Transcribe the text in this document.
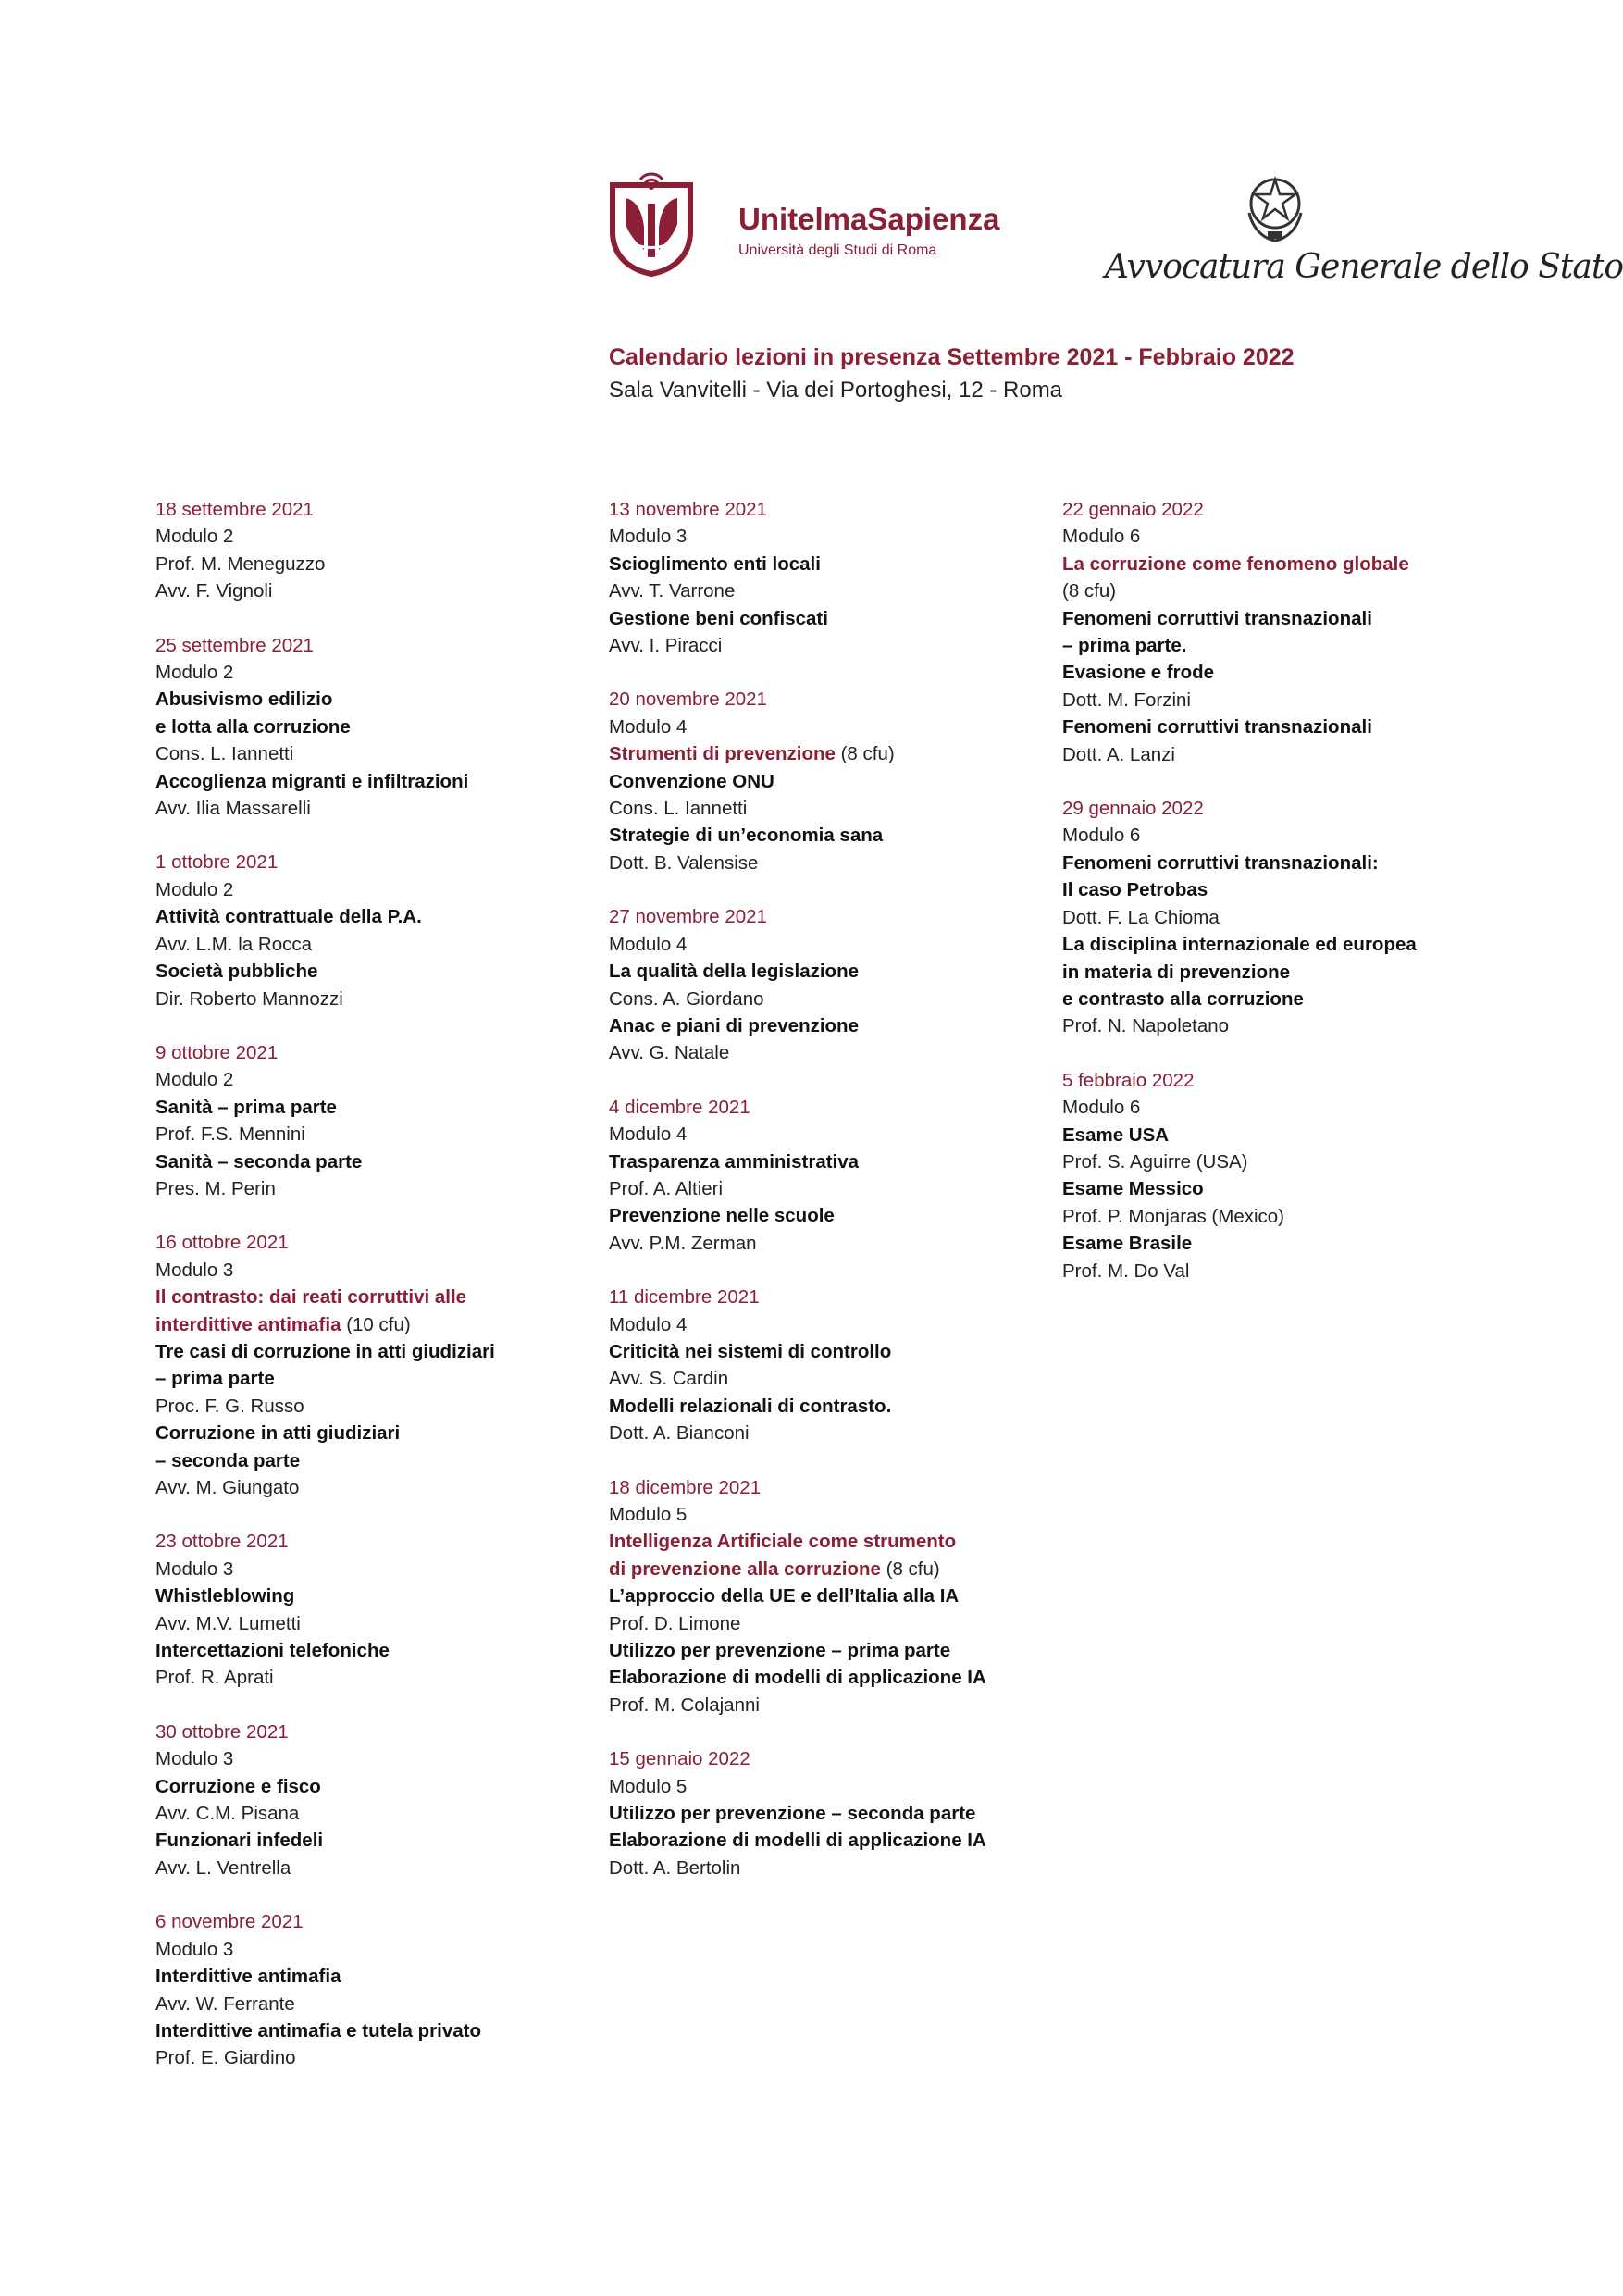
UnitelmaSapienza
Università degli Studi di Roma	Avvocatura Generale dello Stato
Calendario lezioni in presenza Settembre 2021 - Febbraio 2022
Sala Vanvitelli - Via dei Portoghesi, 12 - Roma
18 settembre 2021
Modulo 2
Prof. M. Meneguzzo
Avv. F. Vignoli
25 settembre 2021
Modulo 2
Abusivismo edilizio
e lotta alla corruzione
Cons. L. Iannetti
Accoglienza migranti e infiltrazioni
Avv. Ilia Massarelli
1 ottobre 2021
Modulo 2
Attività contrattuale della P.A.
Avv. L.M. la Rocca
Società pubbliche
Dir. Roberto Mannozzi
9 ottobre 2021
Modulo 2
Sanità – prima parte
Prof. F.S. Mennini
Sanità – seconda parte
Pres. M. Perin
16 ottobre 2021
Modulo 3
Il contrasto: dai reati corruttivi alle
interdittive antimafia (10 cfu)
Tre casi di corruzione in atti giudiziari
– prima parte
Proc. F. G. Russo
Corruzione in atti giudiziari
– seconda parte
Avv. M. Giungato
23 ottobre 2021
Modulo 3
Whistleblowing
Avv. M.V. Lumetti
Intercettazioni telefoniche
Prof. R. Aprati
30 ottobre 2021
Modulo 3
Corruzione e fisco
Avv. C.M. Pisana
Funzionari infedeli
Avv. L. Ventrella
6 novembre 2021
Modulo 3
Interdittive antimafia
Avv. W. Ferrante
Interdittive antimafia e tutela privato
Prof. E. Giardino
13 novembre 2021
Modulo 3
Scioglimento enti locali
Avv. T. Varrone
Gestione beni confiscati
Avv. I. Piracci
20 novembre 2021
Modulo 4
Strumenti di prevenzione (8 cfu)
Convenzione ONU
Cons. L. Iannetti
Strategie di un’economia sana
Dott. B. Valensise
27 novembre 2021
Modulo 4
La qualità della legislazione
Cons. A. Giordano
Anac e piani di prevenzione
Avv. G. Natale
4 dicembre 2021
Modulo 4
Trasparenza amministrativa
Prof. A. Altieri
Prevenzione nelle scuole
Avv. P.M. Zerman
11 dicembre 2021
Modulo 4
Criticità nei sistemi di controllo
Avv. S. Cardin
Modelli relazionali di contrasto.
Dott. A. Bianconi
18 dicembre 2021
Modulo 5
Intelligenza Artificiale come strumento
di prevenzione alla corruzione (8 cfu)
L’approccio della UE e dell’Italia alla IA
Prof. D. Limone
Utilizzo per prevenzione – prima parte
Elaborazione di modelli di applicazione IA
Prof. M. Colajanni
15 gennaio 2022
Modulo 5
Utilizzo per prevenzione – seconda parte
Elaborazione di modelli di applicazione IA
Dott. A. Bertolin
22 gennaio 2022
Modulo 6
La corruzione come fenomeno globale
(8 cfu)
Fenomeni corruttivi transnazionali
– prima parte.
Evasione e frode
Dott. M. Forzini
Fenomeni corruttivi transnazionali
Dott. A. Lanzi
29 gennaio 2022
Modulo 6
Fenomeni corruttivi transnazionali:
Il caso Petrobas
Dott. F. La Chioma
La disciplina internazionale ed europea
in materia di prevenzione
e contrasto alla corruzione
Prof. N. Napoletano
5 febbraio 2022
Modulo 6
Esame USA
Prof. S. Aguirre (USA)
Esame Messico
Prof. P. Monjaras (Mexico)
Esame Brasile
Prof. M. Do Val
